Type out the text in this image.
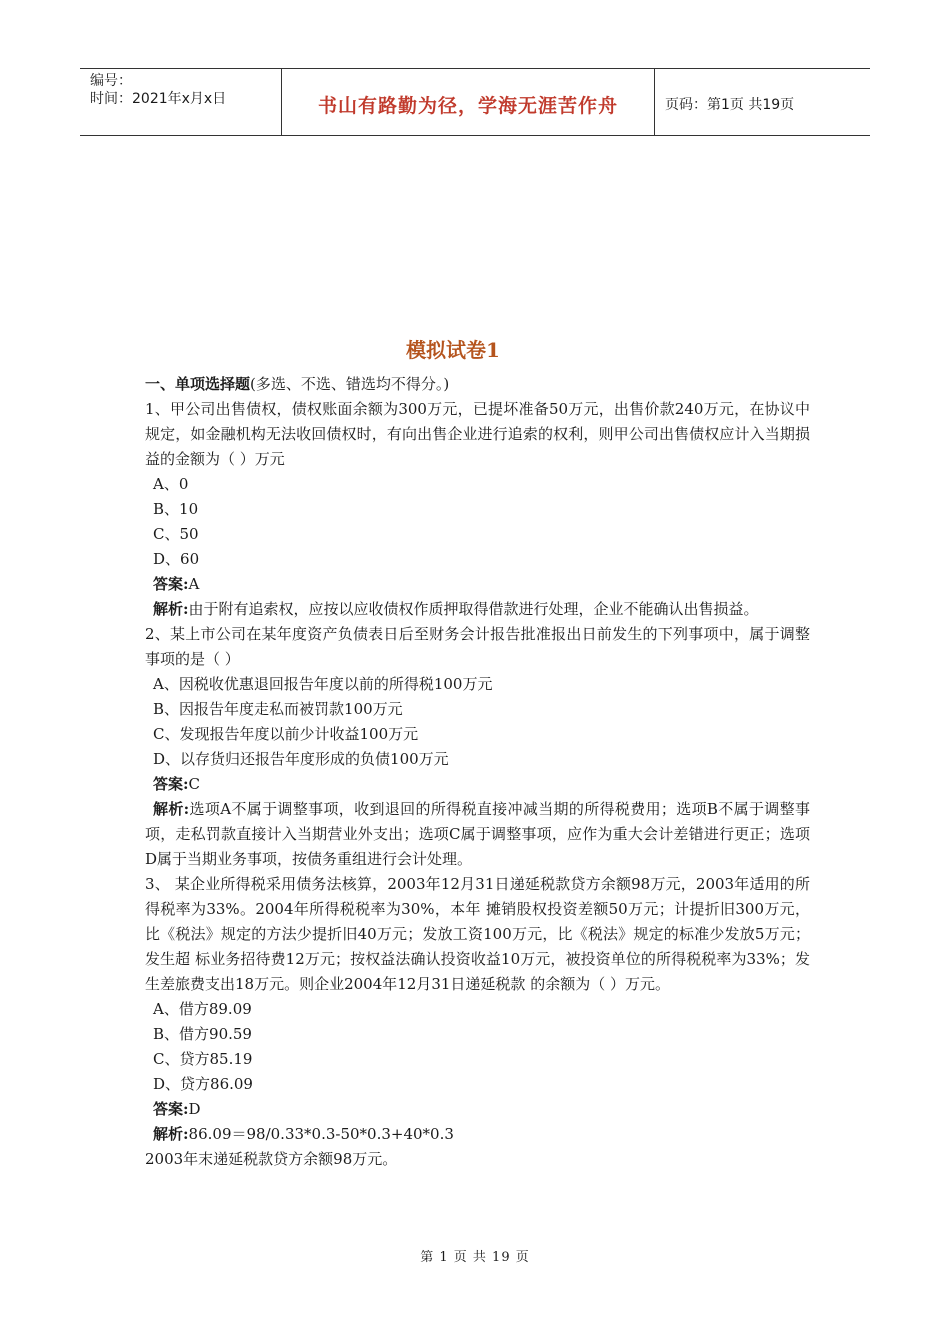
编号：
时间：2021年x月x日	书山有路勤为径，学海无涯苦作舟	页码：第1页 共19页
模拟试卷1
一、单项选择题(多选、不选、错选均不得分。)
1、甲公司出售债权，债权账面余额为300万元，已提坏准备50万元，出售价款240万元，在协议中规定，如金融机构无法收回债权时，有向出售企业进行追索的权利，则甲公司出售债权应计入当期损益的金额为（ ）万元
A、0
B、10
C、50
D、60
答案:A
解析:由于附有追索权，应按以应收债权作质押取得借款进行处理，企业不能确认出售损益。
2、某上市公司在某年度资产负债表日后至财务会计报告批准报出日前发生的下列事项中，属于调整事项的是（ ）
A、因税收优惠退回报告年度以前的所得税100万元
B、因报告年度走私而被罚款100万元
C、发现报告年度以前少计收益100万元
D、以存货归还报告年度形成的负债100万元
答案:C
解析:选项A不属于调整事项，收到退回的所得税直接冲减当期的所得税费用；选项B不属于调整事项，走私罚款直接计入当期营业外支出；选项C属于调整事项，应作为重大会计差错进行更正；选项D属于当期业务事项，按债务重组进行会计处理。
3、 某企业所得税采用债务法核算，2003年12月31日递延税款贷方余额98万元，2003年适用的所得税率为33%。2004年所得税税率为30%，本年 摊销股权投资差额50万元；计提折旧300万元，比《税法》规定的方法少提折旧40万元；发放工资100万元，比《税法》规定的标准少发放5万元；发生超 标业务招待费12万元；按权益法确认投资收益10万元，被投资单位的所得税税率为33%；发生差旅费支出18万元。则企业2004年12月31日递延税款 的余额为（ ）万元。
A、借方89.09
B、借方90.59
C、贷方85.19
D、贷方86.09
答案:D
解析:86.09＝98/0.33*0.3-50*0.3+40*0.3
2003年末递延税款贷方余额98万元。
第 1 页 共 19 页
